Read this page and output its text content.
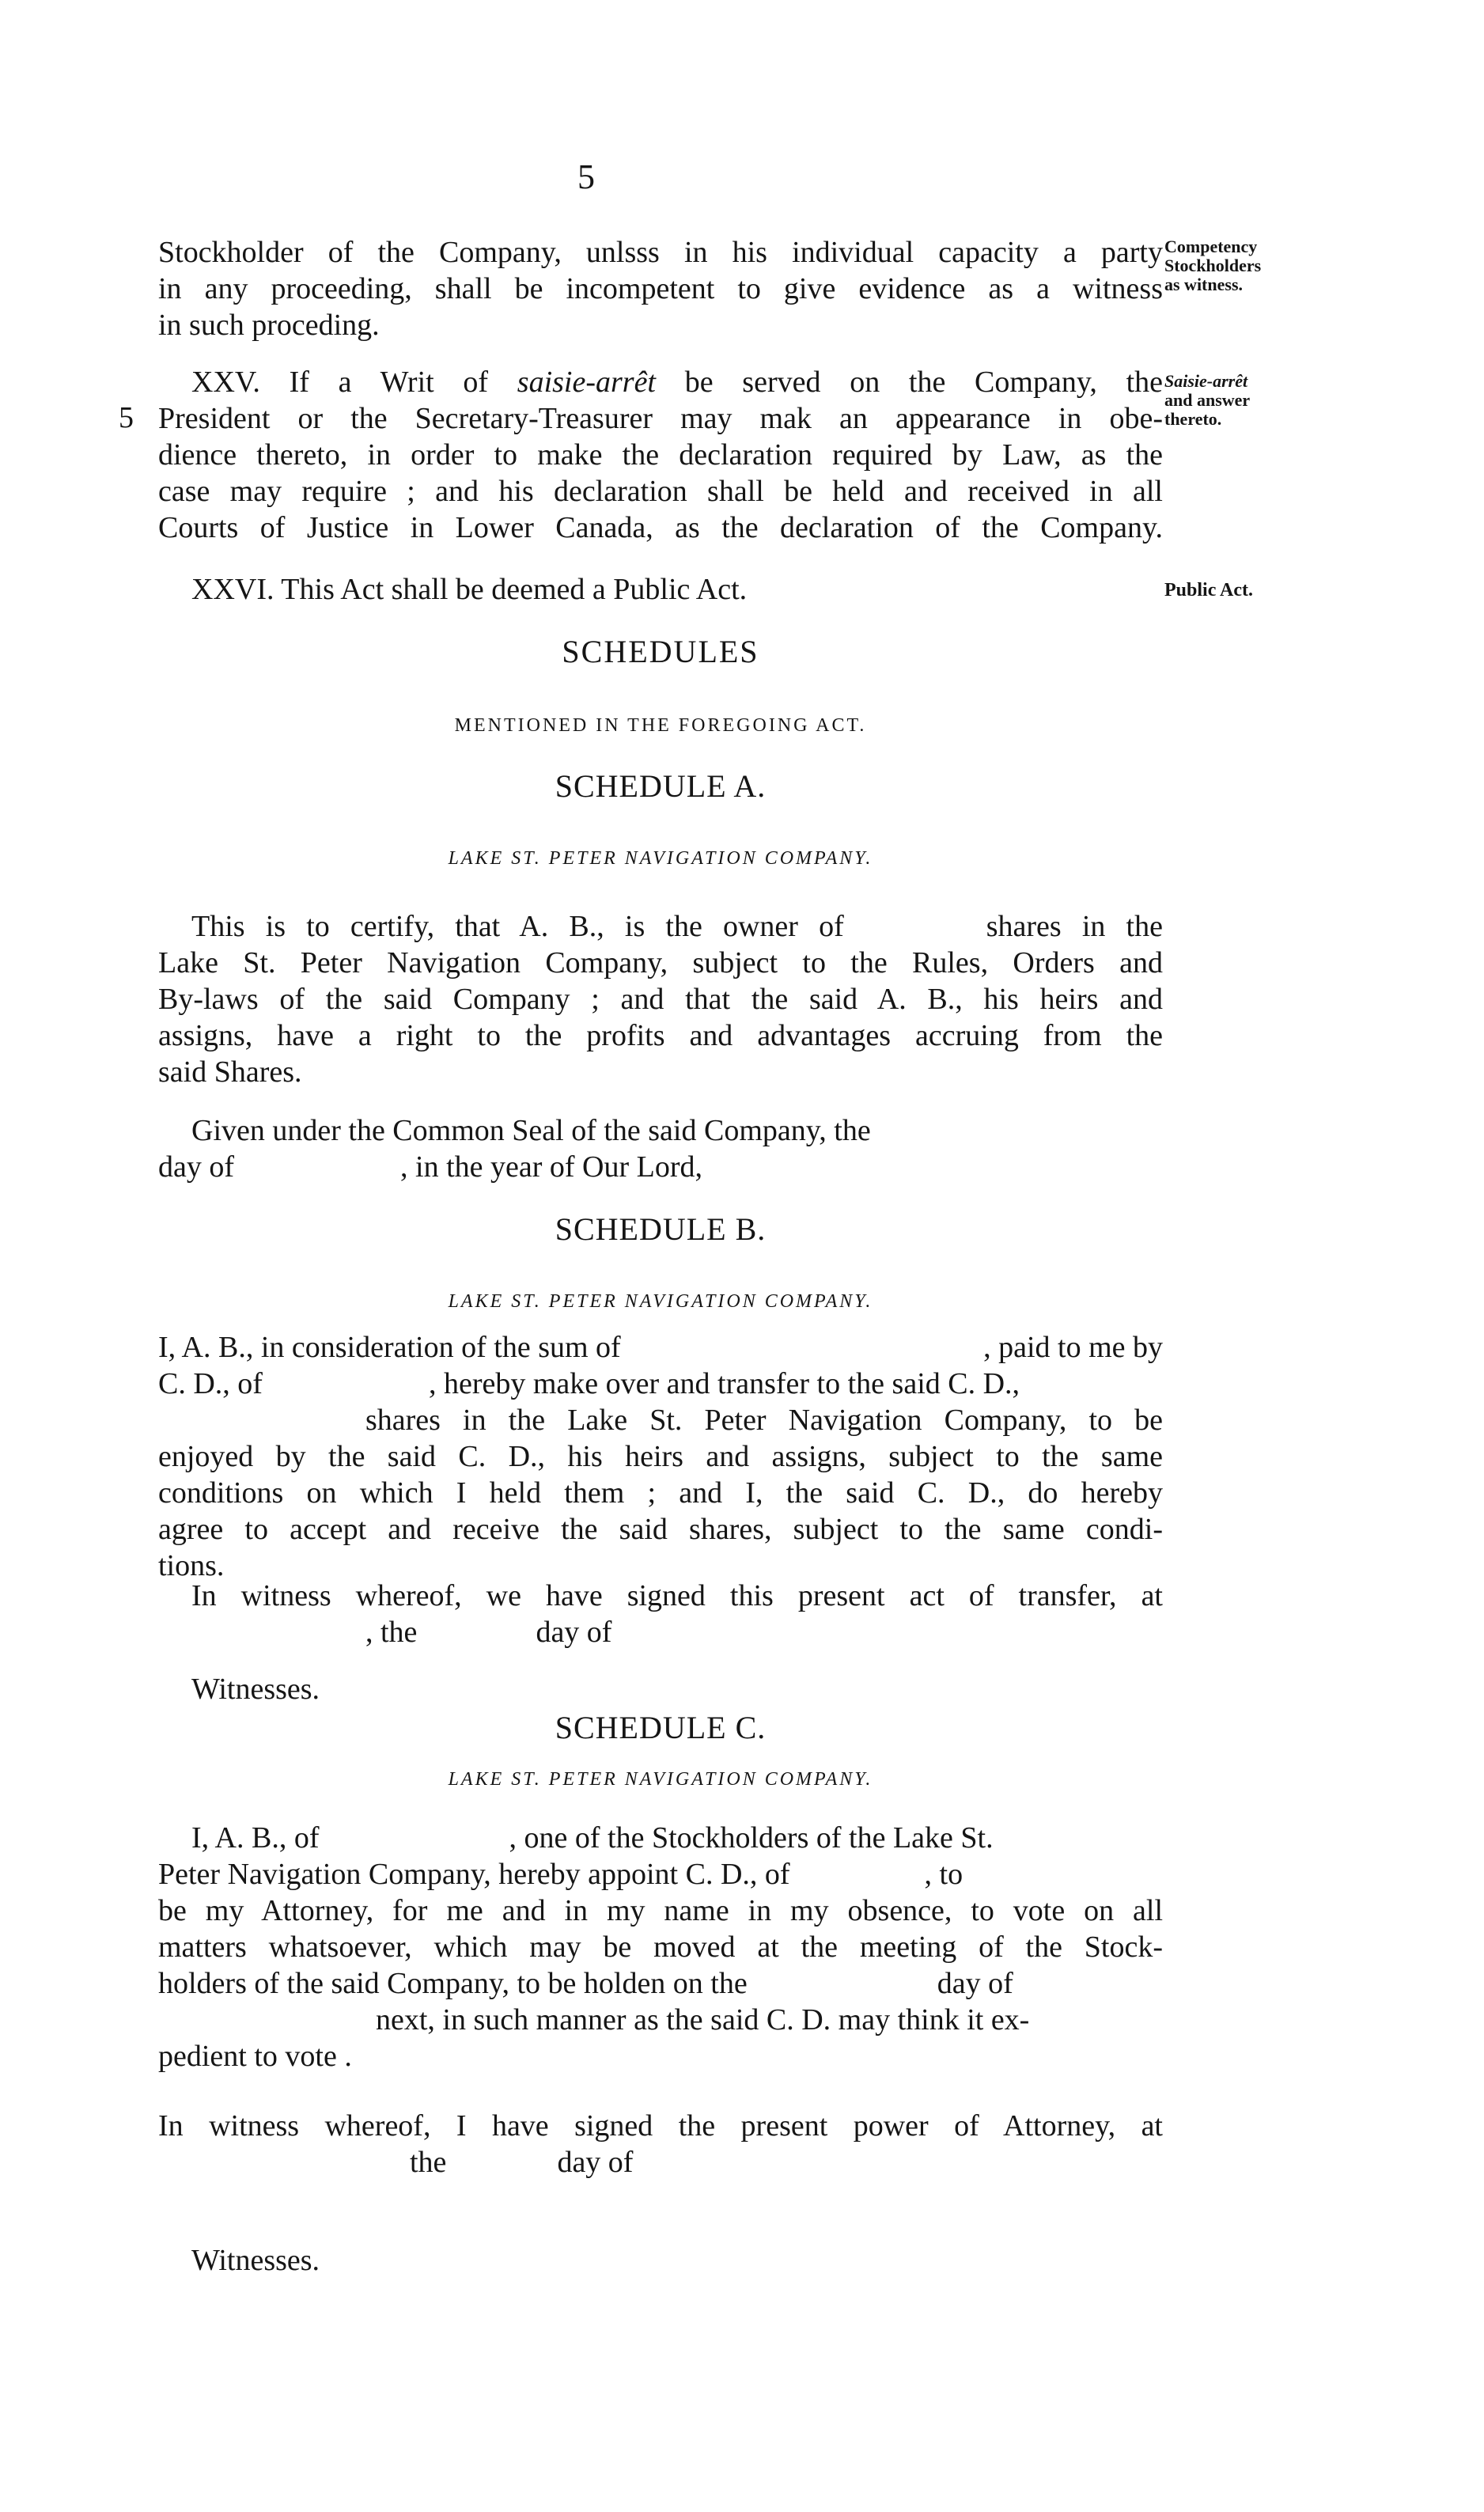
5
Stockholder of the Company, unlsss in his individual capacity a party
in any proceeding, shall be incompetent to give evidence as a witness
in such proceding.
Competency
Stockholders
as witness.
XXV. If a Writ of saisie-arrêt be served on the Company, the
President or the Secretary-Treasurer may mak an appearance in obe-
dience thereto, in order to make the declaration required by Law, as the
case may require ; and his declaration shall be held and received in all
Courts of Justice in Lower Canada, as the declaration of the Company.
5
Saisie-arrêt
and answer
thereto.
XXVI. This Act shall be deemed a Public Act.	Public Act.
SCHEDULES
MENTIONED IN THE FOREGOING ACT.
SCHEDULE A.
LAKE ST. PETER NAVIGATION COMPANY.
This is to certify, that A. B., is the owner of	shares in the
Lake St. Peter Navigation Company, subject to the Rules, Orders and
By-laws of the said Company ; and that the said A. B., his heirs and
assigns, have a right to the profits and advantages accruing from the
said Shares.
Given under the Common Seal of the said Company, the
day of	, in the year of Our Lord,
SCHEDULE B.
LAKE ST. PETER NAVIGATION COMPANY.
I, A. B., in consideration of the sum of	, paid to me by
C. D., of	, hereby make over and transfer to the said C. D.,
shares in the Lake St. Peter Navigation Company, to be
enjoyed by the said C. D., his heirs and assigns, subject to the same
conditions on which I held them ; and I, the said C. D., do hereby
agree to accept and receive the said shares, subject to the same condi-
tions.
In witness whereof, we have signed this present act of transfer, at
, the	day of
Witnesses.
SCHEDULE C.
LAKE ST. PETER NAVIGATION COMPANY.
I, A. B., of	, one of the Stockholders of the Lake St.
Peter Navigation Company, hereby appoint C. D., of	, to
be my Attorney, for me and in my name in my obsence, to vote on all
matters whatsoever, which may be moved at the meeting of the Stock-
holders of the said Company, to be holden on the	day of
next, in such manner as the said C. D. may think it ex-
pedient to vote .
In witness whereof, I have signed the present power of Attorney, at
the	day of
Witnesses.
